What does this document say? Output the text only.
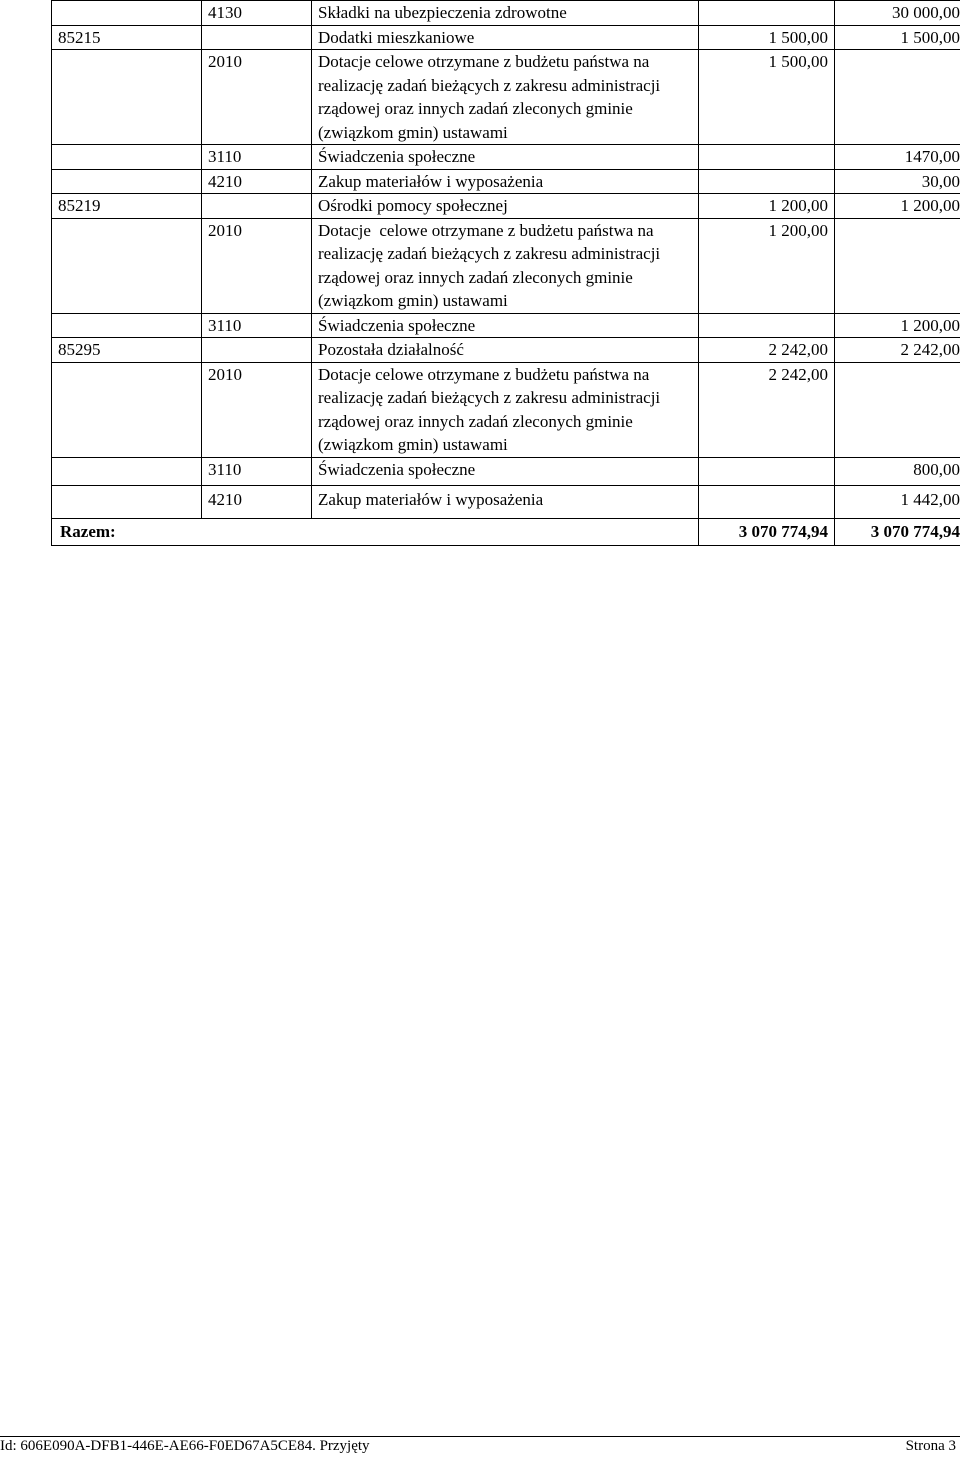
	4130	Składki na ubezpieczenia zdrowotne		30 000,00
85215		Dodatki mieszkaniowe	1 500,00	1 500,00
	2010	Dotacje celowe otrzymane z budżetu państwa na realizację zadań bieżących z zakresu administracji rządowej oraz innych zadań zleconych gminie (związkom gmin) ustawami	1 500,00	
	3110	Świadczenia społeczne		1470,00
	4210	Zakup materiałów i wyposażenia		30,00
85219		Ośrodki pomocy społecznej	1 200,00	1 200,00
	2010	Dotacje  celowe otrzymane z budżetu państwa na realizację zadań bieżących z zakresu administracji rządowej oraz innych zadań zleconych gminie (związkom gmin) ustawami	1 200,00	
	3110	Świadczenia społeczne		1 200,00
85295		Pozostała działalność	2 242,00	2 242,00
	2010	Dotacje celowe otrzymane z budżetu państwa na realizację zadań bieżących z zakresu administracji rządowej oraz innych zadań zleconych gminie (związkom gmin) ustawami	2 242,00	
	3110	Świadczenia społeczne		800,00
	4210	Zakup materiałów i wyposażenia		1 442,00
Razem:			3 070 774,94	3 070 774,94
Id: 606E090A-DFB1-446E-AE66-F0ED67A5CE84. Przyjęty	Strona 3
